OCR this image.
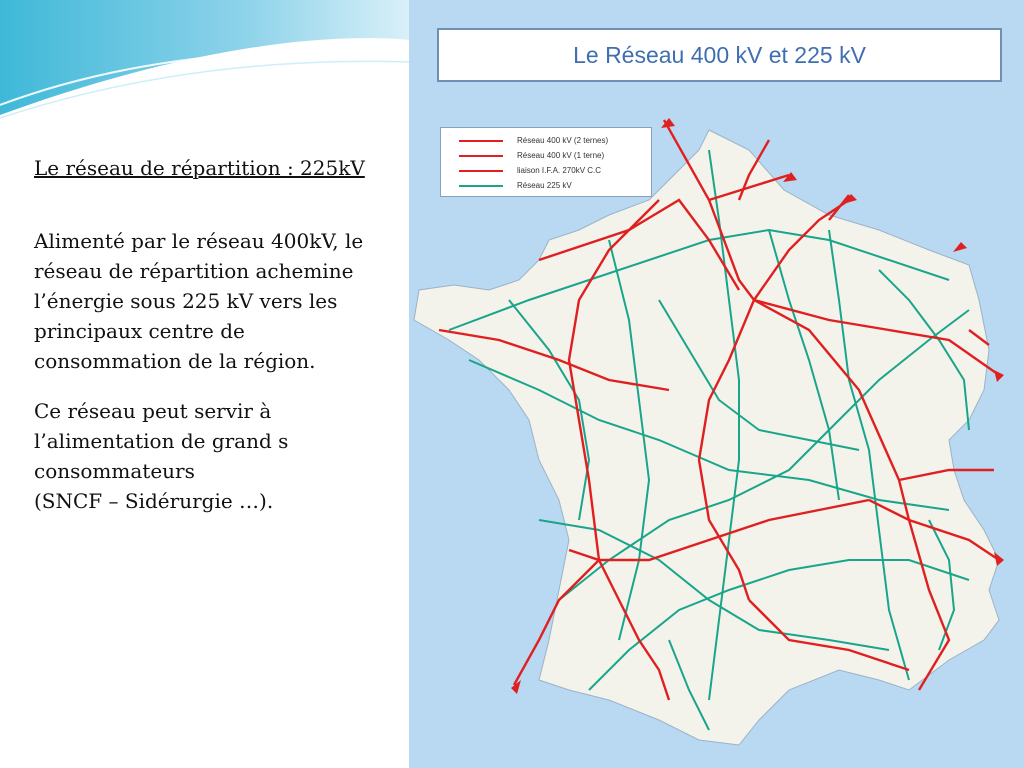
Le réseau de répartition : 225kV

Alimenté par le réseau 400kV, le
réseau de répartition achemine
l’énergie sous 225 kV vers les
principaux centre de
consommation de la région.

Ce réseau peut servir à
l’alimentation de grand s
consommateurs
(SNCF – Sidérurgie …).

Le Réseau 400 kV et 225 kV
Réseau 400 kV (2 ternes)
Réseau 400 kV (1 terne)
liaison I.F.A. 270kV C.C
Réseau 225 kV
